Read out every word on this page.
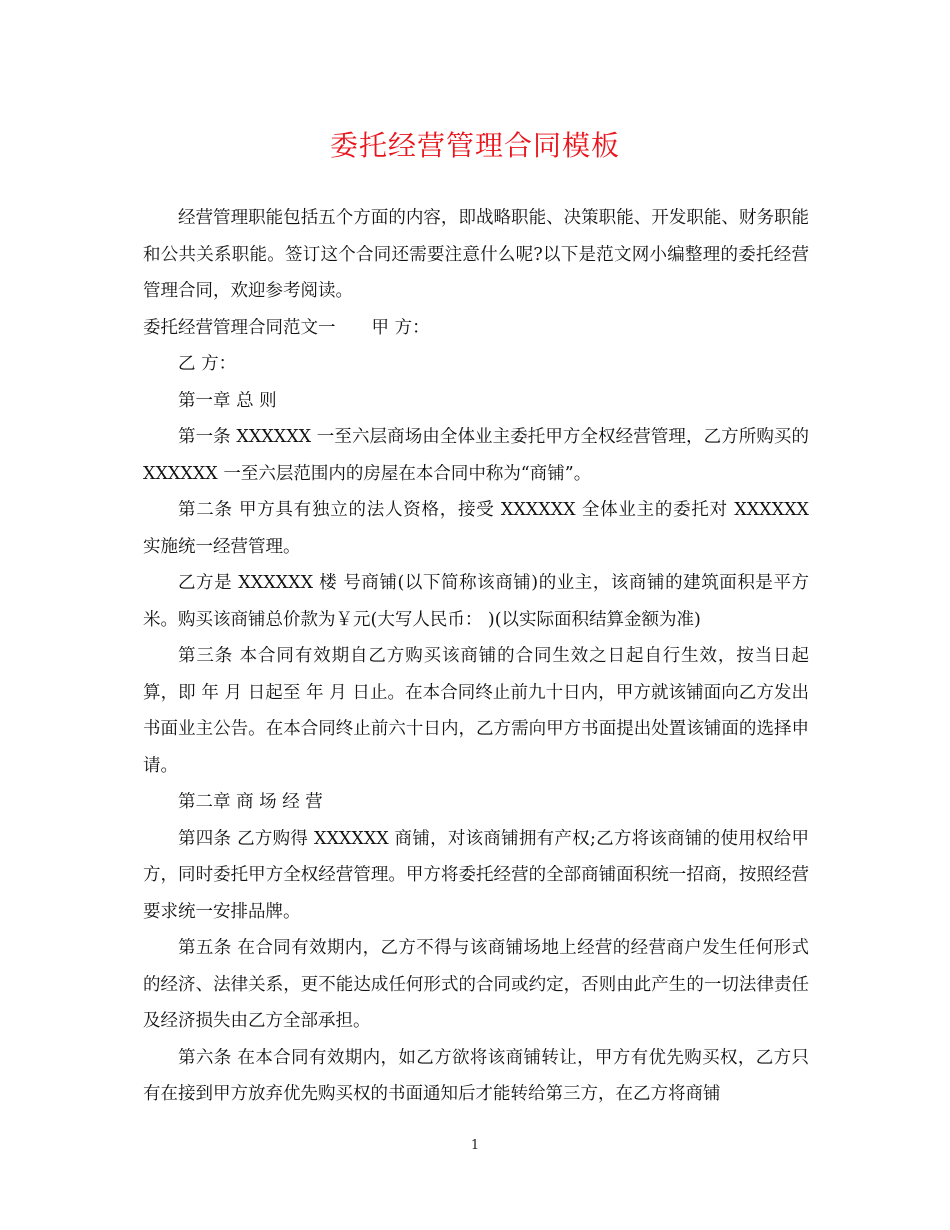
委托经营管理合同模板

经营管理职能包括五个方面的内容，即战略职能、决策职能、开发职能、财务职能和公共关系职能。签订这个合同还需要注意什么呢?以下是范文网小编整理的委托经营管理合同，欢迎参考阅读。

委托经营管理合同范文一 甲 方：

乙 方：

第一章 总 则

第一条 XXXXXX 一至六层商场由全体业主委托甲方全权经营管理，乙方所购买的 XXXXXX 一至六层范围内的房屋在本合同中称为“商铺”。

第二条 甲方具有独立的法人资格，接受 XXXXXX 全体业主的委托对 XXXXXX 实施统一经营管理。

乙方是 XXXXXX 楼 号商铺(以下简称该商铺)的业主，该商铺的建筑面积是平方米。购买该商铺总价款为￥元(大写人民币： )(以实际面积结算金额为准)

第三条 本合同有效期自乙方购买该商铺的合同生效之日起自行生效，按当日起算，即 年 月 日起至 年 月 日止。在本合同终止前九十日内，甲方就该铺面向乙方发出书面业主公告。在本合同终止前六十日内，乙方需向甲方书面提出处置该铺面的选择申请。

第二章 商 场 经 营

第四条 乙方购得 XXXXXX 商铺，对该商铺拥有产权;乙方将该商铺的使用权给甲方，同时委托甲方全权经营管理。甲方将委托经营的全部商铺面积统一招商，按照经营要求统一安排品牌。

第五条 在合同有效期内，乙方不得与该商铺场地上经营的经营商户发生任何形式的经济、法律关系，更不能达成任何形式的合同或约定，否则由此产生的一切法律责任及经济损失由乙方全部承担。

第六条 在本合同有效期内，如乙方欲将该商铺转让，甲方有优先购买权，乙方只有在接到甲方放弃优先购买权的书面通知后才能转给第三方，在乙方将商铺

1
